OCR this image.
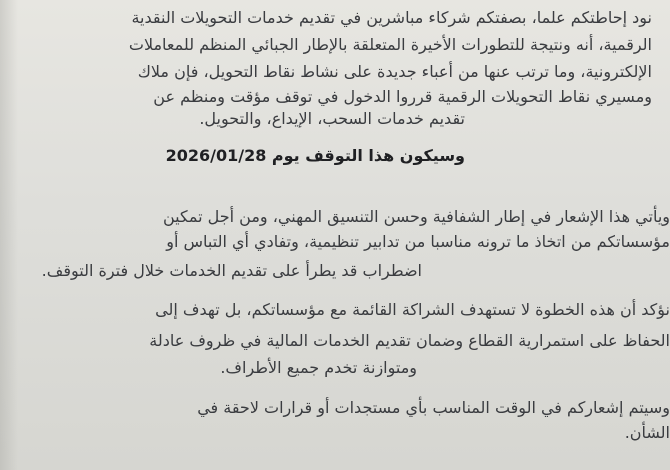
نود إحاطتكم علما، بصفتكم شركاء مباشرين في تقديم خدمات التحويلات النقدية
الرقمية، أنه ونتيجة للتطورات الأخيرة المتعلقة بالإطار الجبائي المنظم للمعاملات
الإلكترونية، وما ترتب عنها من أعباء جديدة على نشاط نقاط التحويل، فإن ملاك
ومسيري نقاط التحويلات الرقمية قرروا الدخول في توقف مؤقت ومنظم عن
تقديم خدمات السحب، الإيداع، والتحويل.
وسيكون هذا التوقف يوم 2026/01/28
ويأتي هذا الإشعار في إطار الشفافية وحسن التنسيق المهني، ومن أجل تمكين
مؤسساتكم من اتخاذ ما ترونه مناسبا من تدابير تنظيمية، وتفادي أي التباس أو
اضطراب قد يطرأ على تقديم الخدمات خلال فترة التوقف.
نؤكد أن هذه الخطوة لا تستهدف الشراكة القائمة مع مؤسساتكم، بل تهدف إلى
الحفاظ على استمرارية القطاع وضمان تقديم الخدمات المالية في ظروف عادلة
ومتوازنة تخدم جميع الأطراف.
وسيتم إشعاركم في الوقت المناسب بأي مستجدات أو قرارات لاحقة في
الشأن.
